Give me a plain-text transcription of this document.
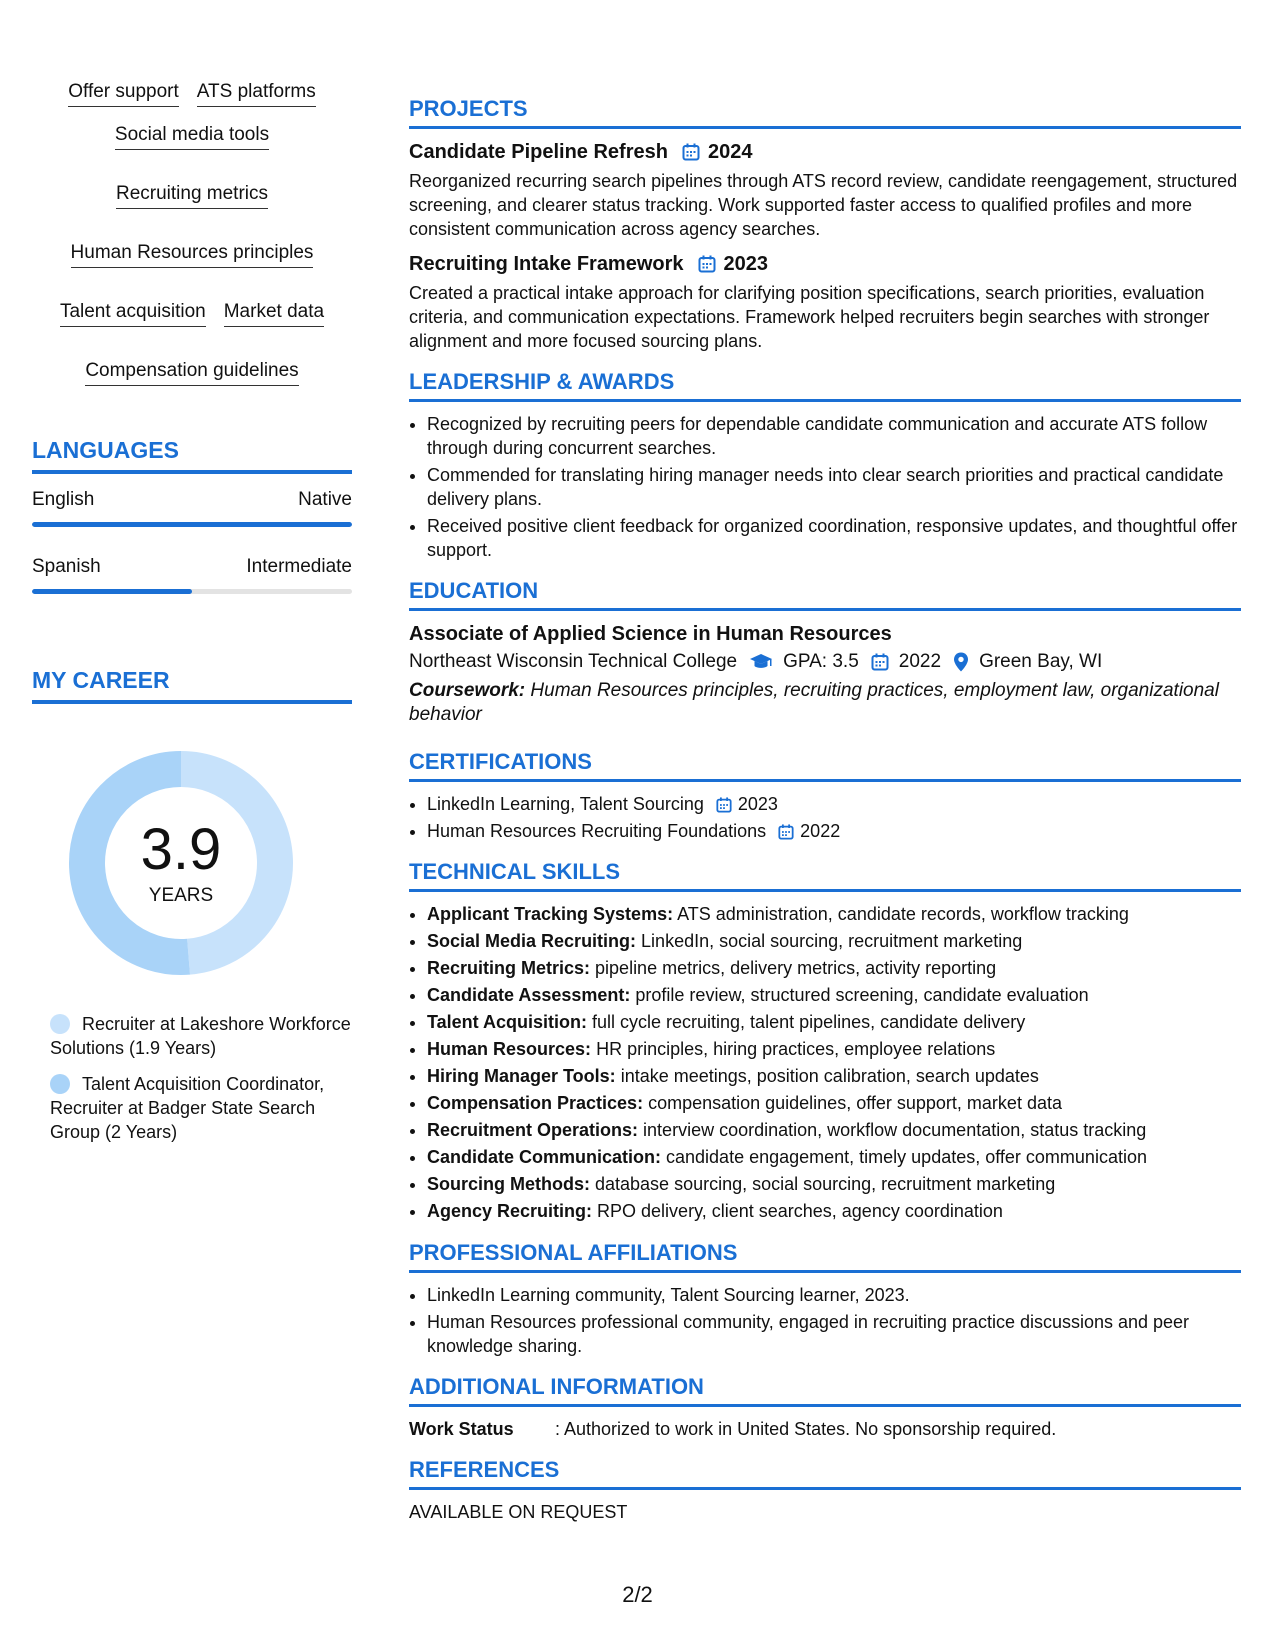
Offer support ATS platforms
Social media tools
Recruiting metrics
Human Resources principles
Talent acquisition Market data
Compensation guidelines
LANGUAGES
English	Native
Spanish	Intermediate
MY CAREER
3.9
YEARS
Recruiter at Lakeshore Workforce Solutions (1.9 Years)
Talent Acquisition Coordinator, Recruiter at Badger State Search Group (2 Years)
PROJECTS
Candidate Pipeline Refresh 2024
Reorganized recurring search pipelines through ATS record review, candidate reengagement, structured screening, and clearer status tracking. Work supported faster access to qualified profiles and more consistent communication across agency searches.
Recruiting Intake Framework 2023
Created a practical intake approach for clarifying position specifications, search priorities, evaluation criteria, and communication expectations. Framework helped recruiters begin searches with stronger alignment and more focused sourcing plans.
LEADERSHIP & AWARDS
• Recognized by recruiting peers for dependable candidate communication and accurate ATS follow through during concurrent searches.
• Commended for translating hiring manager needs into clear search priorities and practical candidate delivery plans.
• Received positive client feedback for organized coordination, responsive updates, and thoughtful offer support.
EDUCATION
Associate of Applied Science in Human Resources
Northeast Wisconsin Technical College GPA: 3.5 2022 Green Bay, WI
Coursework: Human Resources principles, recruiting practices, employment law, organizational behavior
CERTIFICATIONS
• LinkedIn Learning, Talent Sourcing 2023
• Human Resources Recruiting Foundations 2022
TECHNICAL SKILLS
• Applicant Tracking Systems: ATS administration, candidate records, workflow tracking
• Social Media Recruiting: LinkedIn, social sourcing, recruitment marketing
• Recruiting Metrics: pipeline metrics, delivery metrics, activity reporting
• Candidate Assessment: profile review, structured screening, candidate evaluation
• Talent Acquisition: full cycle recruiting, talent pipelines, candidate delivery
• Human Resources: HR principles, hiring practices, employee relations
• Hiring Manager Tools: intake meetings, position calibration, search updates
• Compensation Practices: compensation guidelines, offer support, market data
• Recruitment Operations: interview coordination, workflow documentation, status tracking
• Candidate Communication: candidate engagement, timely updates, offer communication
• Sourcing Methods: database sourcing, social sourcing, recruitment marketing
• Agency Recruiting: RPO delivery, client searches, agency coordination
PROFESSIONAL AFFILIATIONS
• LinkedIn Learning community, Talent Sourcing learner, 2023.
• Human Resources professional community, engaged in recruiting practice discussions and peer knowledge sharing.
ADDITIONAL INFORMATION
Work Status	: Authorized to work in United States. No sponsorship required.
REFERENCES
AVAILABLE ON REQUEST
2/2
